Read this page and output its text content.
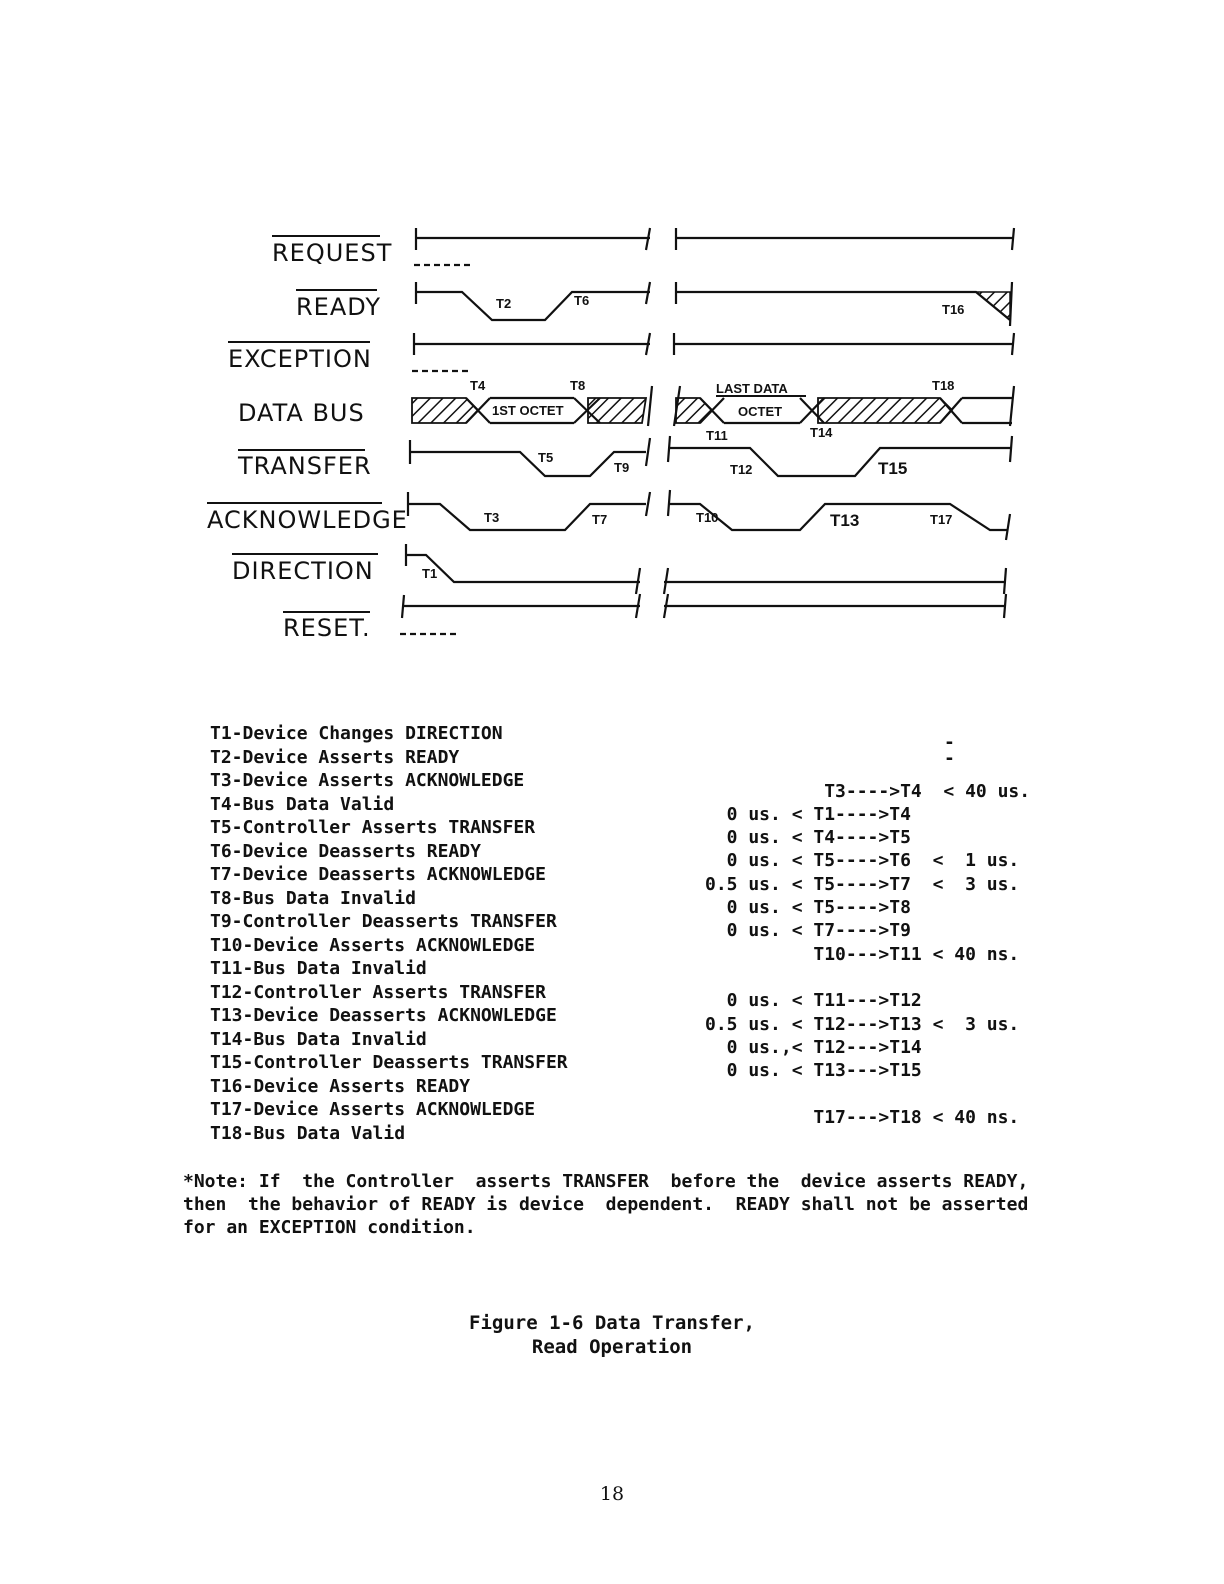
REQUEST
READY
EXCEPTION
DATA BUS
TRANSFER
ACKNOWLEDGE
DIRECTION
RESET.
T2	T6
T16
1ST OCTET
T4	T8	LAST DATA
OCTET
T18
T11	T14
T5
T9	T12	T15
T3	T7	T10	T13	T17
T1
T1-Device Changes DIRECTION
T2-Device Asserts READY
T3-Device Asserts ACKNOWLEDGE
T4-Bus Data Valid
T5-Controller Asserts TRANSFER
T6-Device Deasserts READY
T7-Device Deasserts ACKNOWLEDGE
T8-Bus Data Invalid
T9-Controller Deasserts TRANSFER
T10-Device Asserts ACKNOWLEDGE
T11-Bus Data Invalid
T12-Controller Asserts TRANSFER
T13-Device Deasserts ACKNOWLEDGE
T14-Bus Data Invalid
T15-Controller Deasserts TRANSFER
T16-Device Asserts READY
T17-Device Asserts ACKNOWLEDGE
T18-Bus Data Valid
T3---->T4  < 40 us.
0 us. < T1---->T4
0 us. < T4---->T5
0 us. < T5---->T6  <  1 us.
0.5 us. < T5---->T7  <  3 us.
0 us. < T5---->T8
0 us. < T7---->T9
T10--->T11 < 40 ns.
0 us. < T11--->T12
0.5 us. < T12--->T13 <  3 us.
0 us.,< T12--->T14
0 us. < T13--->T15
T17--->T18 < 40 ns.
-
-
*Note: If  the Controller  asserts TRANSFER  before the  device asserts READY,
then  the behavior of READY is device  dependent.  READY shall not be asserted
for an EXCEPTION condition.
Figure 1-6 Data Transfer,
Read Operation
18
